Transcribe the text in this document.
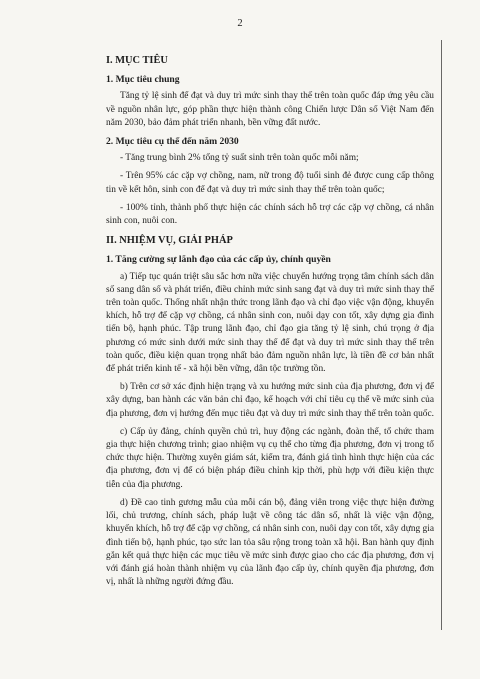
2
I. MỤC TIÊU
1. Mục tiêu chung

Tăng tỷ lệ sinh để đạt và duy trì mức sinh thay thế trên toàn quốc đáp ứng yêu cầu về nguồn nhân lực, góp phần thực hiện thành công Chiến lược Dân số Việt Nam đến năm 2030, bảo đảm phát triển nhanh, bền vững đất nước.

2. Mục tiêu cụ thể đến năm 2030

- Tăng trung bình 2% tổng tỷ suất sinh trên toàn quốc mỗi năm;

- Trên 95% các cặp vợ chồng, nam, nữ trong độ tuổi sinh đẻ được cung cấp thông tin về kết hôn, sinh con để đạt và duy trì mức sinh thay thế trên toàn quốc;

- 100% tỉnh, thành phố thực hiện các chính sách hỗ trợ các cặp vợ chồng, cá nhân sinh con, nuôi con.

II. NHIỆM VỤ, GIẢI PHÁP
1. Tăng cường sự lãnh đạo của các cấp ủy, chính quyền

a) Tiếp tục quán triệt sâu sắc hơn nữa việc chuyển hướng trọng tâm chính sách dân số sang dân số và phát triển, điều chỉnh mức sinh sang đạt và duy trì mức sinh thay thế trên toàn quốc. Thống nhất nhận thức trong lãnh đạo và chỉ đạo việc vận động, khuyến khích, hỗ trợ để cặp vợ chồng, cá nhân sinh con, nuôi dạy con tốt, xây dựng gia đình tiến bộ, hạnh phúc. Tập trung lãnh đạo, chỉ đạo gia tăng tỷ lệ sinh, chú trọng ở địa phương có mức sinh dưới mức sinh thay thế để đạt và duy trì mức sinh thay thế trên toàn quốc, điều kiện quan trọng nhất bảo đảm nguồn nhân lực, là tiền đề cơ bản nhất để phát triển kinh tế - xã hội bền vững, dân tộc trường tồn.

b) Trên cơ sở xác định hiện trạng và xu hướng mức sinh của địa phương, đơn vị để xây dựng, ban hành các văn bản chỉ đạo, kế hoạch với chỉ tiêu cụ thể về mức sinh của địa phương, đơn vị hướng đến mục tiêu đạt và duy trì mức sinh thay thế trên toàn quốc.

c) Cấp ủy đảng, chính quyền chủ trì, huy động các ngành, đoàn thể, tổ chức tham gia thực hiện chương trình; giao nhiệm vụ cụ thể cho từng địa phương, đơn vị trong tổ chức thực hiện. Thường xuyên giám sát, kiểm tra, đánh giá tình hình thực hiện của các địa phương, đơn vị để có biện pháp điều chỉnh kịp thời, phù hợp với điều kiện thực tiễn của địa phương.

d) Đề cao tinh gương mẫu của mỗi cán bộ, đảng viên trong việc thực hiện đường lối, chủ trương, chính sách, pháp luật về công tác dân số, nhất là việc vận động, khuyến khích, hỗ trợ để cặp vợ chồng, cá nhân sinh con, nuôi dạy con tốt, xây dựng gia đình tiến bộ, hạnh phúc, tạo sức lan tỏa sâu rộng trong toàn xã hội. Ban hành quy định gắn kết quả thực hiện các mục tiêu về mức sinh được giao cho các địa phương, đơn vị với đánh giá hoàn thành nhiệm vụ của lãnh đạo cấp ủy, chính quyền địa phương, đơn vị, nhất là những người đứng đầu.
